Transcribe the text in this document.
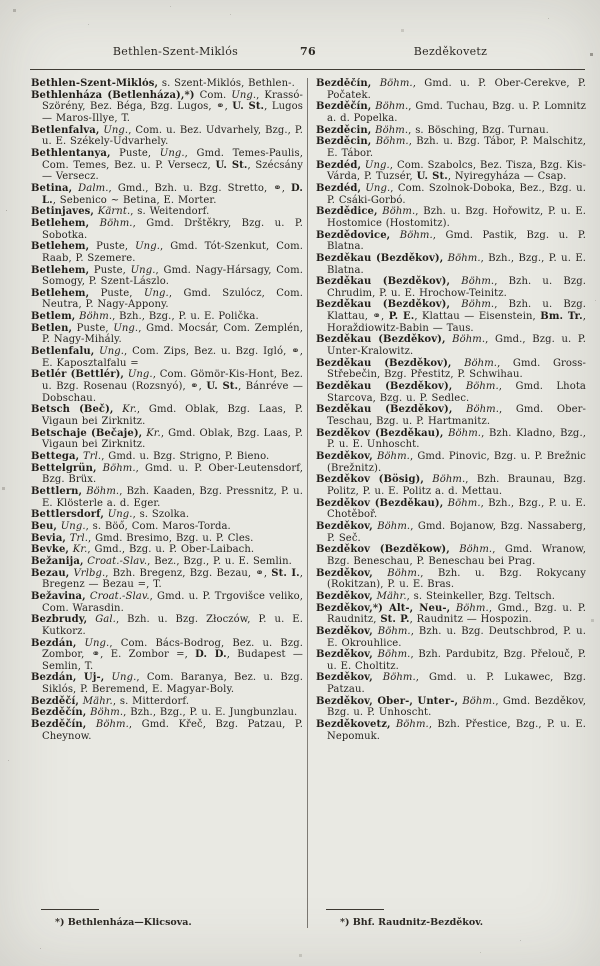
Bethlen-Szent-Miklós	76	Bezděkovetz

Bethlen-Szent-Miklós, s. Szent-Miklós, Bethlen-.

Bethlenháza (Betlenháza),*) Com. Ung., Krassó-Szörény, Bez. Béga, Bzg. Lugos, ⚭, U. St., Lugos — Maros-Illye, T.

Betlenfalva, Ung., Com. u. Bez. Udvarhely, Bzg., P. u. E. Székely-Udvarhely.

Bethlentanya, Puste, Ung., Gmd. Temes-Paulis, Com. Temes, Bez. u. P. Versecz, U. St., Szécsány — Versecz.

Betina, Dalm., Gmd., Bzh. u. Bzg. Stretto, ⚭, D. L., Sebenico ~ Betina, E. Morter.

Betinjaves, Kärnt., s. Weitendorf.

Betlehem, Böhm., Gmd. Drštěkry, Bzg. u. P. Sobotka.

Betlehem, Puste, Ung., Gmd. Tót-Szenkut, Com. Raab, P. Szemere.

Betlehem, Puste, Ung., Gmd. Nagy-Hársagy, Com. Somogy, P. Szent-Lászlo.

Betlehem, Puste, Ung., Gmd. Szulócz, Com. Neutra, P. Nagy-Appony.

Betlem, Böhm., Bzh., Bzg., P. u. E. Polička.

Betlen, Puste, Ung., Gmd. Mocsár, Com. Zemplén, P. Nagy-Mihály.

Betlenfalu, Ung., Com. Zips, Bez. u. Bzg. Igló, ⚭, E. Kaposztalfalu =

Betlér (Bettlér), Ung., Com. Gömör-Kis-Hont, Bez. u. Bzg. Rosenau (Rozsnyó), ⚭, U. St., Bánréve — Dobschau.

Betsch (Beč), Kr., Gmd. Oblak, Bzg. Laas, P. Vigaun bei Zirknitz.

Betschaje (Bečaje), Kr., Gmd. Oblak, Bzg. Laas, P. Vigaun bei Zirknitz.

Bettega, Trl., Gmd. u. Bzg. Strigno, P. Bieno.

Bettelgrün, Böhm., Gmd. u. P. Ober-Leutensdorf, Bzg. Brüx.

Bettlern, Böhm., Bzh. Kaaden, Bzg. Pressnitz, P. u. E. Klösterle a. d. Eger.

Bettlersdorf, Ung., s. Szolka.

Beu, Ung., s. Böő, Com. Maros-Torda.

Bevia, Trl., Gmd. Bresimo, Bzg. u. P. Cles.

Bevke, Kr., Gmd., Bzg. u. P. Ober-Laibach.

Bežanija, Croat.-Slav., Bez., Bzg., P. u. E. Semlin.

Bezau, Vrlbg., Bzh. Bregenz, Bzg. Bezau, ⚭, St. I., Bregenz — Bezau =, T.

Bežavina, Croat.-Slav., Gmd. u. P. Trgovišce veliko, Com. Warasdin.

Bezbrudy, Gal., Bzh. u. Bzg. Złoczów, P. u. E. Kutkorz.

Bezdán, Ung., Com. Bács-Bodrog, Bez. u. Bzg. Zombor, ⚭, E. Zombor =, D. D., Budapest — Semlin, T.

Bezdán, Uj-, Ung., Com. Baranya, Bez. u. Bzg. Siklós, P. Beremend, E. Magyar-Boly.

Bezděčí, Mähr., s. Mitterdorf.

Bezděčín, Böhm., Bzh., Bzg., P. u. E. Jungbunzlau.

Bezděčín, Böhm., Gmd. Křeč, Bzg. Patzau, P. Cheynow.

*) Bethlenháza—Klicsova.

Bezděčín, Böhm., Gmd. u. P. Ober-Cerekve, P. Počatek.

Bezděčín, Böhm., Gmd. Tuchau, Bzg. u. P. Lomnitz a. d. Popelka.

Bezděcin, Böhm., s. Bösching, Bzg. Turnau.

Bezděcin, Böhm., Bzh. u. Bzg. Tábor, P. Malschitz, E. Tábor.

Bezdéd, Ung., Com. Szabolcs, Bez. Tisza, Bzg. Kis-Várda, P. Tuzsér, U. St., Nyiregyháza — Csap.

Bezdéd, Ung., Com. Szolnok-Doboka, Bez., Bzg. u. P. Csáki-Gorbó.

Bezdědice, Böhm., Bzh. u. Bzg. Hořowitz, P. u. E. Hostomice (Hostomitz).

Bezdědovice, Böhm., Gmd. Pastik, Bzg. u. P. Blatna.

Bezděkau (Bezděkov), Böhm., Bzh., Bzg., P. u. E. Blatna.

Bezděkau (Bezděkov), Böhm., Bzh. u. Bzg. Chrudim, P. u. E. Hrochow-Teinitz.

Bezděkau (Bezděkov), Böhm., Bzh. u. Bzg. Klattau, ⚭, P. E., Klattau — Eisenstein, Bm. Tr., Horaždiowitz-Babin — Taus.

Bezděkau (Bezděkov), Böhm., Gmd., Bzg. u. P. Unter-Kralowitz.

Bezděkau (Bezděkov), Böhm., Gmd. Gross-Střebečin, Bzg. Přestitz, P. Schwihau.

Bezděkau (Bezděkov), Böhm., Gmd. Lhota Starcova, Bzg. u. P. Sedlec.

Bezděkau (Bezděkov), Böhm., Gmd. Ober-Teschau, Bzg. u. P. Hartmanitz.

Bezděkov (Bezděkau), Böhm., Bzh. Kladno, Bzg., P. u. E. Unhoscht.

Bezděkov, Böhm., Gmd. Pinovic, Bzg. u. P. Brežnic (Brežnitz).

Bezděkov (Bösig), Böhm., Bzh. Braunau, Bzg. Politz, P. u. E. Politz a. d. Mettau.

Bezděkov (Bezděkau), Böhm., Bzh., Bzg., P. u. E. Chotěboř.

Bezděkov, Böhm., Gmd. Bojanow, Bzg. Nassaberg, P. Seč.

Bezděkov (Bezděkow), Böhm., Gmd. Wranow, Bzg. Beneschau, P. Beneschau bei Prag.

Bezděkov, Böhm., Bzh. u. Bzg. Rokycany (Rokitzan), P. u. E. Bras.

Bezděkov, Mähr., s. Steinkeller, Bzg. Teltsch.

Bezděkov,*) Alt-, Neu-, Böhm., Gmd., Bzg. u. P. Raudnitz, St. P., Raudnitz — Hospozin.

Bezděkov, Böhm., Bzh. u. Bzg. Deutschbrod, P. u. E. Okrouhlice.

Bezděkov, Böhm., Bzh. Pardubitz, Bzg. Přelouč, P. u. E. Choltitz.

Bezděkov, Böhm., Gmd. u. P. Lukawec, Bzg. Patzau.

Bezděkov, Ober-, Unter-, Böhm., Gmd. Bezděkov, Bzg. u. P. Unhoscht.

Bezděkovetz, Böhm., Bzh. Přestice, Bzg., P. u. E. Nepomuk.

*) Bhf. Raudnitz-Bezděkov.
